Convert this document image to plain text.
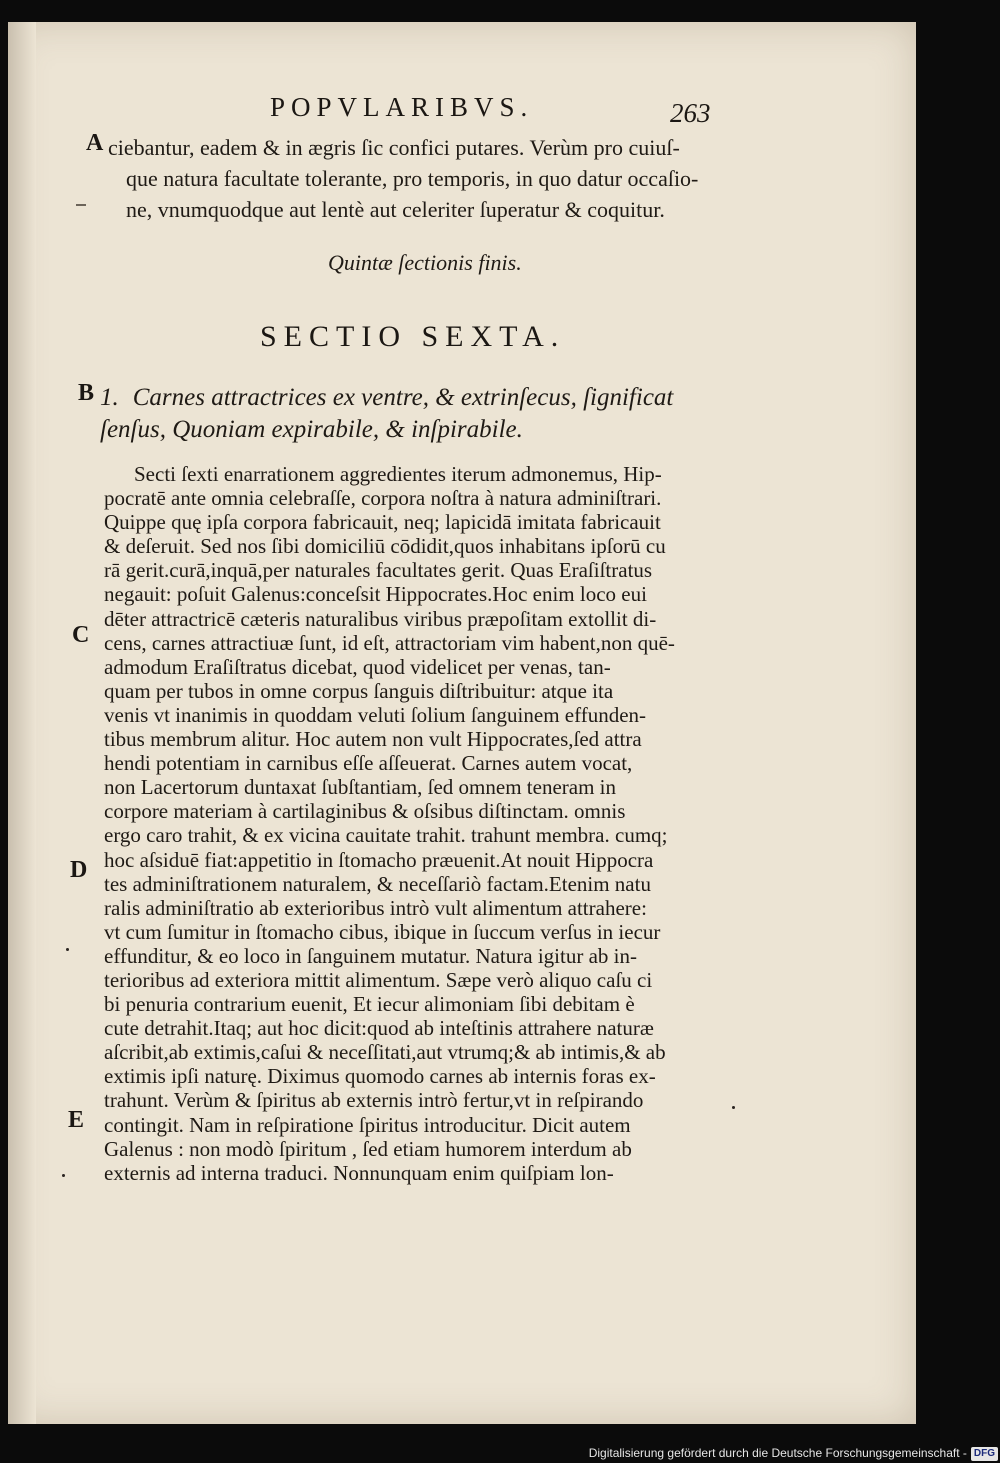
POPVLARIBVS.	263
A ciebantur, eadem & in ægris ſic confici putares. Verùm pro cuiuſ-
que natura facultate tolerante, pro temporis, in quo datur occaſio-
ne, vnumquodque aut lentè aut celeriter ſuperatur & coquitur.
Quintæ ſectionis finis.
SECTIO SEXTA.
B 1. Carnes attractrices ex ventre, & extrinſecus, ſignificat
ſenſus, Quoniam expirabile, & inſpirabile.
C
D
E
Secti ſexti enarrationem aggredientes iterum admonemus, Hip-
pocratē ante omnia celebraſſe, corpora noſtra à natura adminiſtrari.
Quippe quę ipſa corpora fabricauit, neq; lapicidā imitata fabricauit
& deſeruit. Sed nos ſibi domiciliū cōdidit,quos inhabitans ipſorū cu
rā gerit.curā,inquā,per naturales facultates gerit. Quas Eraſiſtratus
negauit: poſuit Galenus:conceſsit Hippocrates.Hoc enim loco eui
dēter attractricē cæteris naturalibus viribus præpoſitam extollit di-
cens, carnes attractiuæ ſunt, id eſt, attractoriam vim habent,non quē-
admodum Eraſiſtratus dicebat, quod videlicet per venas, tan-
quam per tubos in omne corpus ſanguis diſtribuitur: atque ita
venis vt inanimis in quoddam veluti ſolium ſanguinem effunden-
tibus membrum alitur. Hoc autem non vult Hippocrates,ſed attra
hendi potentiam in carnibus eſſe aſſeuerat. Carnes autem vocat,
non Lacertorum duntaxat ſubſtantiam, ſed omnem teneram in
corpore materiam à cartilaginibus & oſsibus diſtinctam. omnis
ergo caro trahit, & ex vicina cauitate trahit. trahunt membra. cumq;
hoc aſsiduē fiat:appetitio in ſtomacho præuenit.At nouit Hippocra
tes adminiſtrationem naturalem, & neceſſariò factam.Etenim natu
ralis adminiſtratio ab exterioribus intrò vult alimentum attrahere:
vt cum ſumitur in ſtomacho cibus, ibique in ſuccum verſus in iecur
effunditur, & eo loco in ſanguinem mutatur. Natura igitur ab in-
terioribus ad exteriora mittit alimentum. Sæpe verò aliquo caſu ci
bi penuria contrarium euenit, Et iecur alimoniam ſibi debitam è
cute detrahit.Itaq; aut hoc dicit:quod ab inteſtinis attrahere naturæ
aſcribit,ab extimis,caſui & neceſſitati,aut vtrumq;& ab intimis,& ab
extimis ipſi naturę. Diximus quomodo carnes ab internis foras ex-
trahunt. Verùm & ſpiritus ab externis intrò fertur,vt in reſpirando
contingit. Nam in reſpiratione ſpiritus introducitur. Dicit autem
Galenus : non modò ſpiritum , ſed etiam humorem interdum ab
externis ad interna traduci. Nonnunquam enim quiſpiam lon-
Digitalisierung gefördert durch die Deutsche Forschungsgemeinschaft - DFG
